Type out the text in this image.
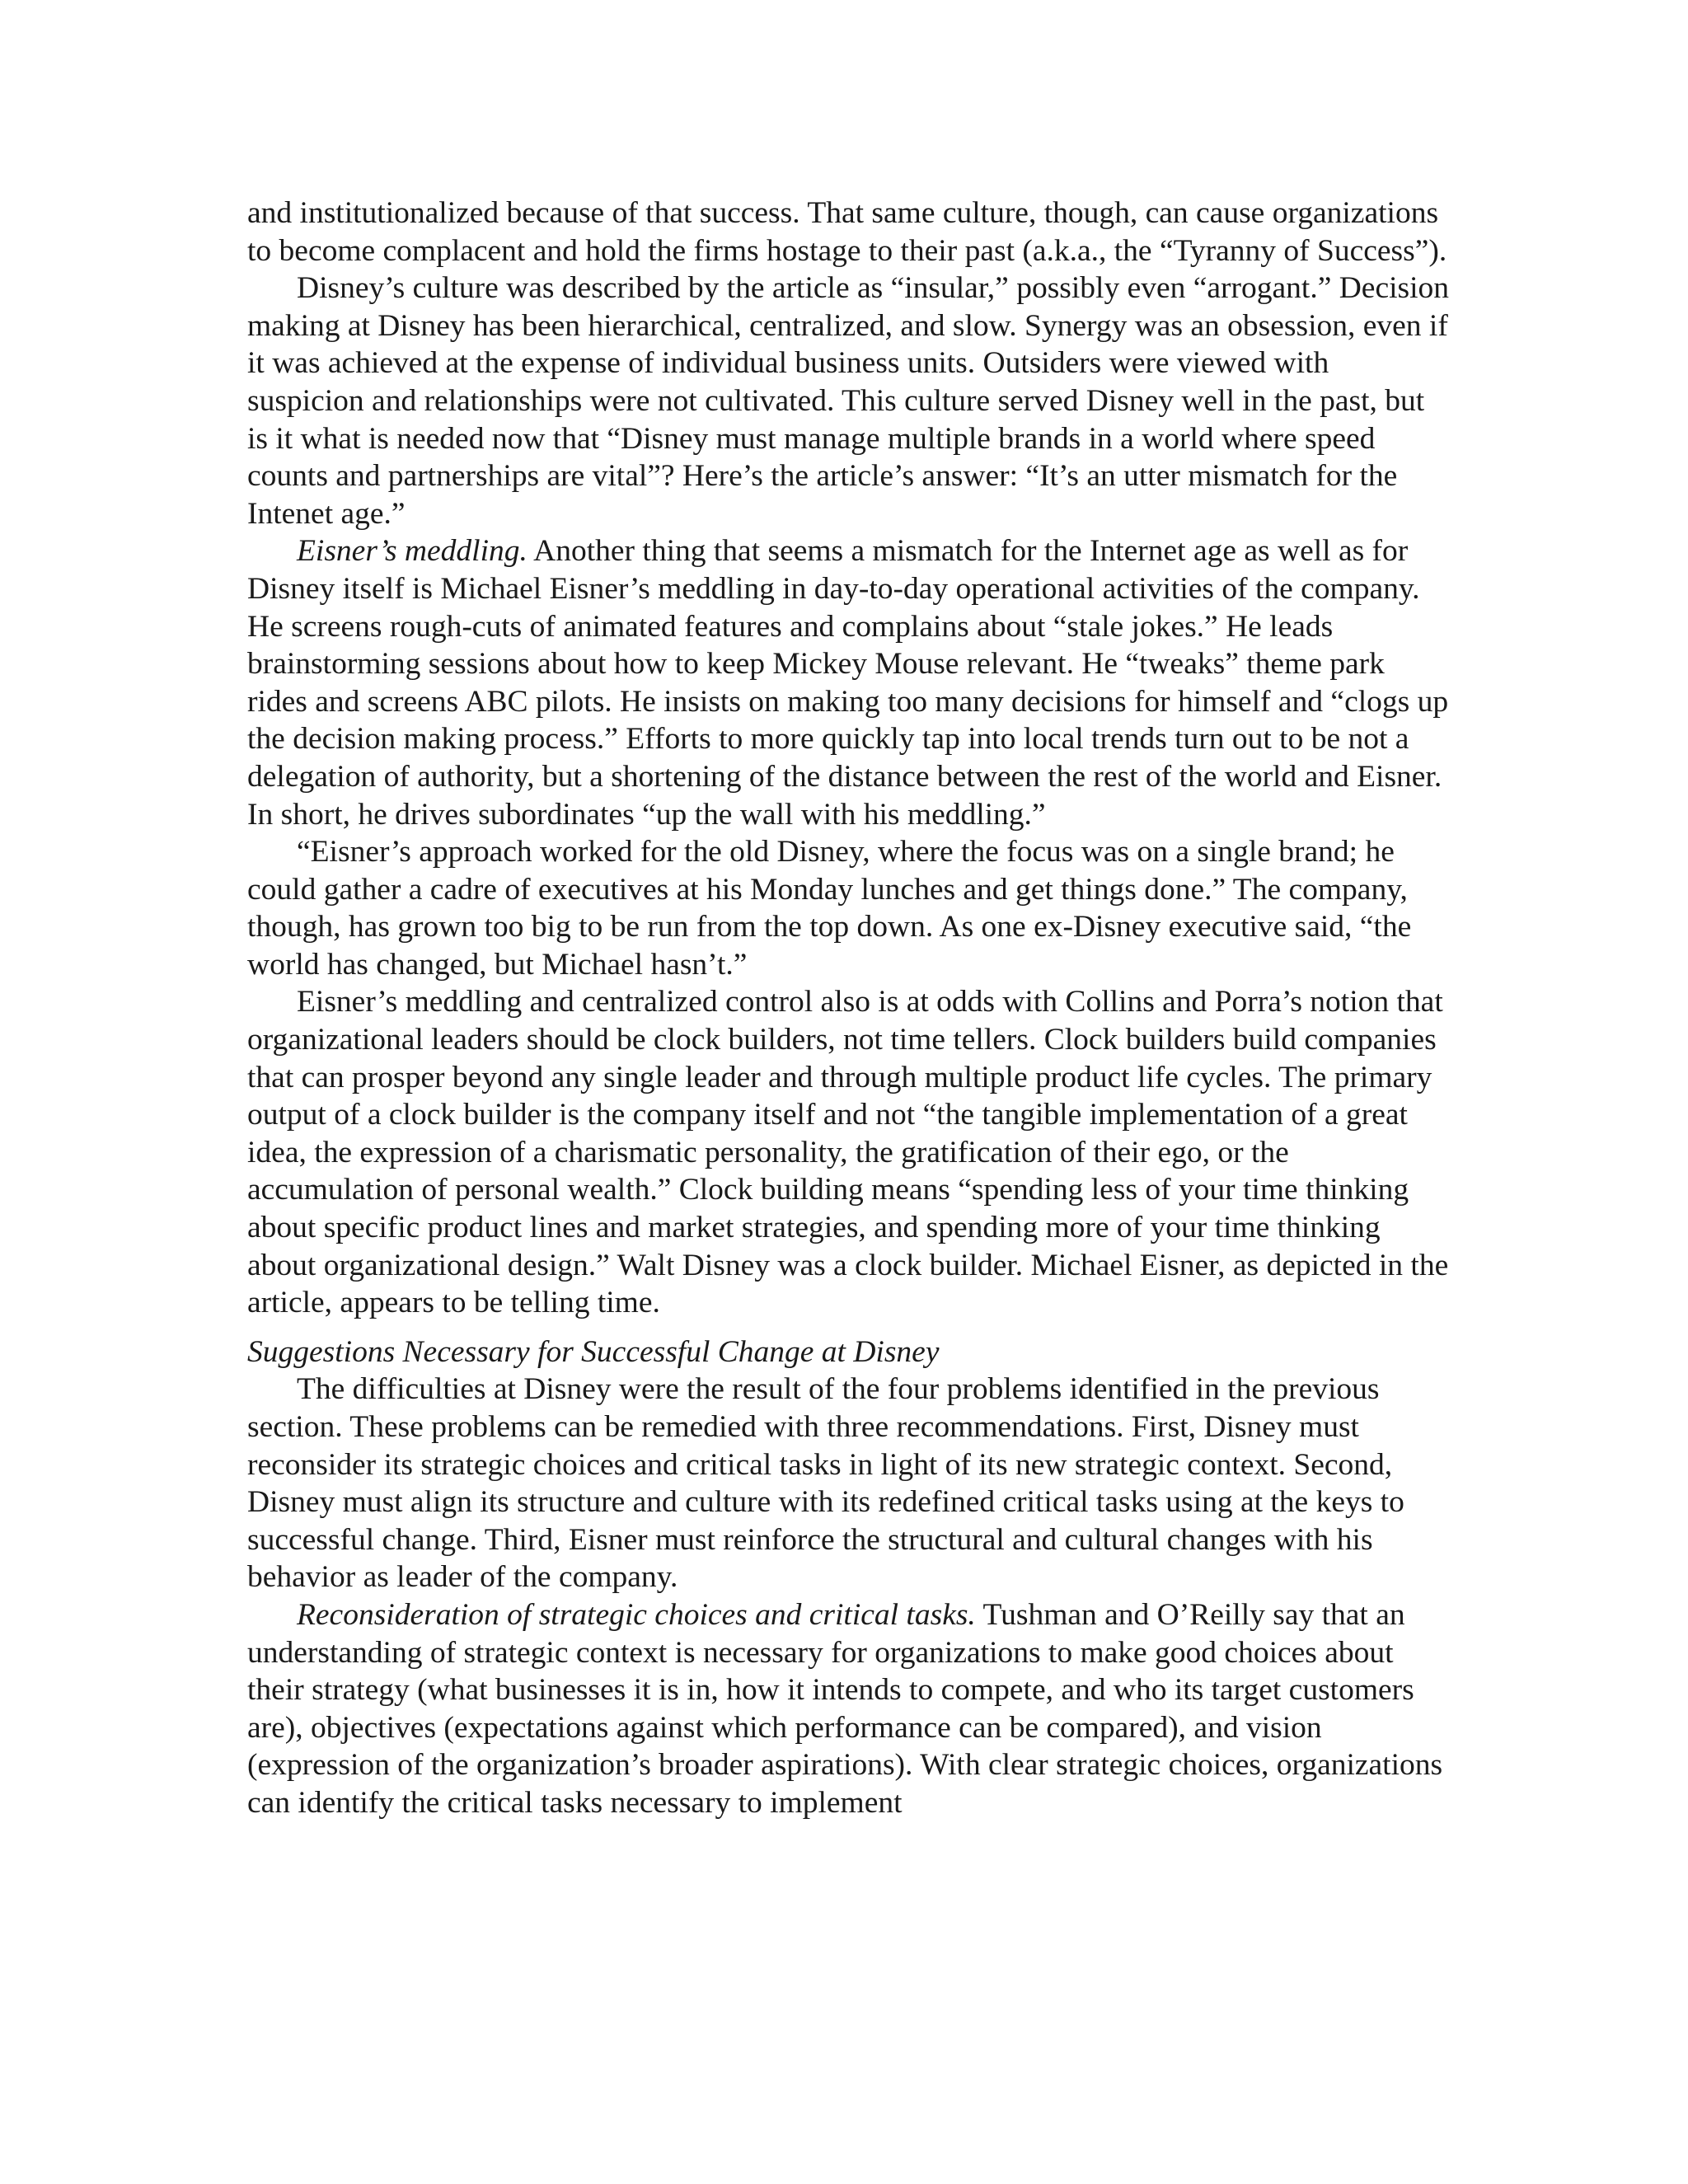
and institutionalized because of that success. That same culture, though, can cause organizations to become complacent and hold the firms hostage to their past (a.k.a., the “Tyranny of Success”).

Disney’s culture was described by the article as “insular,” possibly even “arrogant.” Decision making at Disney has been hierarchical, centralized, and slow. Synergy was an obsession, even if it was achieved at the expense of individual business units. Outsiders were viewed with suspicion and relationships were not cultivated. This culture served Disney well in the past, but is it what is needed now that “Disney must manage multiple brands in a world where speed counts and partnerships are vital”? Here’s the article’s answer: “It’s an utter mismatch for the Intenet age.”

Eisner’s meddling. Another thing that seems a mismatch for the Internet age as well as for Disney itself is Michael Eisner’s meddling in day-to-day operational activities of the company. He screens rough-cuts of animated features and complains about “stale jokes.” He leads brainstorming sessions about how to keep Mickey Mouse relevant. He “tweaks” theme park rides and screens ABC pilots. He insists on making too many decisions for himself and “clogs up the decision making process.” Efforts to more quickly tap into local trends turn out to be not a delegation of authority, but a shortening of the distance between the rest of the world and Eisner. In short, he drives subordinates “up the wall with his meddling.”

“Eisner’s approach worked for the old Disney, where the focus was on a single brand; he could gather a cadre of executives at his Monday lunches and get things done.” The company, though, has grown too big to be run from the top down. As one ex-Disney executive said, “the world has changed, but Michael hasn’t.”

Eisner’s meddling and centralized control also is at odds with Collins and Porra’s notion that organizational leaders should be clock builders, not time tellers. Clock builders build companies that can prosper beyond any single leader and through multiple product life cycles. The primary output of a clock builder is the company itself and not “the tangible implementation of a great idea, the expression of a charismatic personality, the gratification of their ego, or the accumulation of personal wealth.” Clock building means “spending less of your time thinking about specific product lines and market strategies, and spending more of your time thinking about organizational design.” Walt Disney was a clock builder. Michael Eisner, as depicted in the article, appears to be telling time.

Suggestions Necessary for Successful Change at Disney

The difficulties at Disney were the result of the four problems identified in the previous section. These problems can be remedied with three recommendations. First, Disney must reconsider its strategic choices and critical tasks in light of its new strategic context. Second, Disney must align its structure and culture with its redefined critical tasks using at the keys to successful change. Third, Eisner must reinforce the structural and cultural changes with his behavior as leader of the company.

Reconsideration of strategic choices and critical tasks. Tushman and O’Reilly say that an understanding of strategic context is necessary for organizations to make good choices about their strategy (what businesses it is in, how it intends to compete, and who its target customers are), objectives (expectations against which performance can be compared), and vision (expression of the organization’s broader aspirations). With clear strategic choices, organizations can identify the critical tasks necessary to implement
